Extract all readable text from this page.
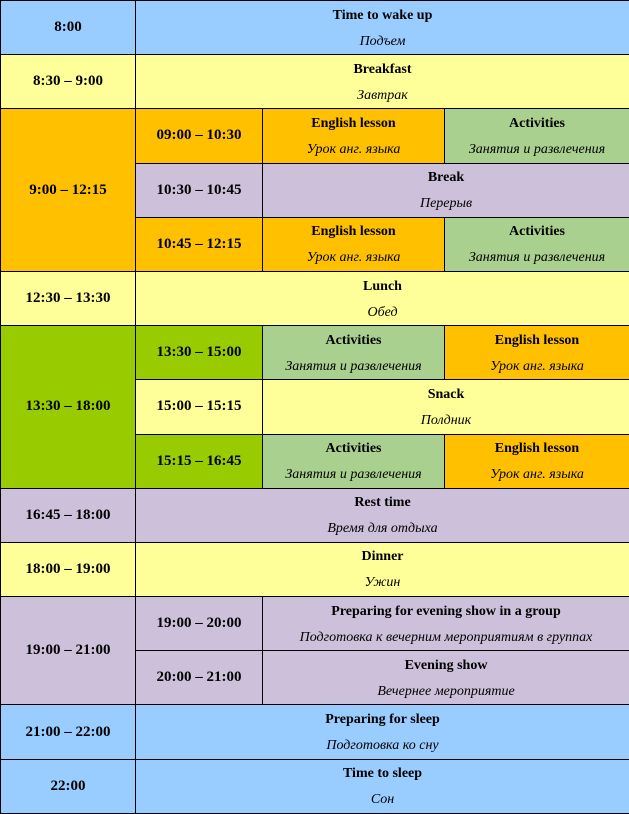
8:00	Time to wake up
Подъем		

8:30 – 9:00	Breakfast
Завтрак		

9:00 – 12:15	09:00 – 10:30	English lesson
Урок анг. языка	Activities
Занятия и развлечения

	10:30 – 10:45	Break
Перерыв	

	10:45 – 12:15	English lesson
Урок анг. языка	Activities
Занятия и развлечения

12:30 – 13:30	Lunch
Обед		

13:30 – 18:00	13:30 – 15:00	Activities
Занятия и развлечения	English lesson
Урок анг. языка

	15:00 – 15:15	Snack
Полдник	

	15:15 – 16:45	Activities
Занятия и развлечения	English lesson
Урок анг. языка

16:45 – 18:00	Rest time
Время для отдыха		

18:00 – 19:00	Dinner
Ужин		

19:00 – 21:00	19:00 – 20:00	Preparing for evening show in a group
Подготовка к вечерним мероприятиям в группах	

	20:00 – 21:00	Evening show
Вечернее мероприятие	

21:00 – 22:00	Preparing for sleep
Подготовка ко сну		

22:00	Time to sleep
Сон		
